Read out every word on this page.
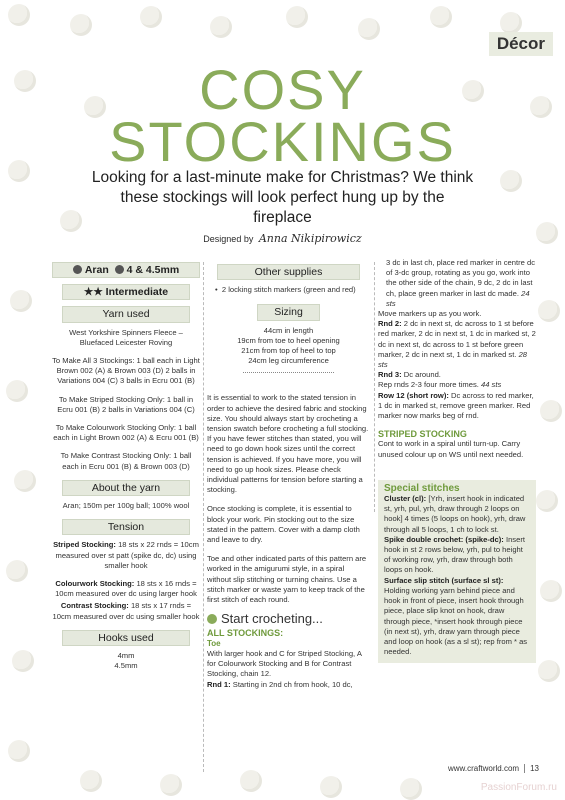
Décor
COSY
STOCKINGS
Looking for a last-minute make for Christmas? We think these stockings will look perfect hung up by the fireplace
Designed by Anna Nikipirowicz
Aran 4 & 4.5mm
★★ Intermediate
Yarn used

West Yorkshire Spinners Fleece – Bluefaced Leicester Roving

To Make All 3 Stockings: 1 ball each in Light Brown 002 (A) & Brown 003 (D) 2 balls in Variations 004 (C) 3 balls in Ecru 001 (B)

To Make Striped Stocking Only: 1 ball in Ecru 001 (B) 2 balls in Variations 004 (C)

To Make Colourwork Stocking Only: 1 ball each in Light Brown 002 (A) & Ecru 001 (B)

To Make Contrast Stocking Only: 1 ball each in Ecru 001 (B) & Brown 003 (D)

About the yarn

Aran; 150m per 100g ball; 100% wool

Tension

Striped Stocking: 18 sts x 22 rnds = 10cm measured over st patt (spike dc, dc) using smaller hook

Colourwork Stocking: 18 sts x 16 rnds = 10cm measured over dc using larger hook

Contrast Stocking: 18 sts x 17 rnds = 10cm measured over dc using smaller hook

Hooks used
4mm
4.5mm
Other supplies

•  2 locking stitch markers (green and red)

Sizing
44cm in length
19cm from toe to heel opening
21cm from top of heel to top
24cm leg circumference

It is essential to work to the stated tension in order to achieve the desired fabric and stocking size. You should always start by crocheting a tension swatch before crocheting a full stocking.

If you have fewer stitches than stated, you will need to go down hook sizes until the correct tension is achieved. If you have more, you will need to go up hook sizes. Please check individual patterns for tension before starting a stocking.

Once stocking is complete, it is essential to block your work. Pin stocking out to the size stated in the pattern. Cover with a damp cloth and leave to dry.

Toe and other indicated parts of this pattern are worked in the amigurumi style, in a spiral without slip stitching or turning chains. Use a stitch marker or waste yarn to keep track of the first stitch of each round.

Start crocheting...
ALL STOCKINGS:
Toe
With larger hook and C for Striped Stocking, A for Colourwork Stocking and B for Contrast Stocking, chain 12.
Rnd 1: Starting in 2nd ch from hook, 10 dc,
3 dc in last ch, place red marker in centre dc of 3-dc group, rotating as you go, work into the other side of the chain, 9 dc, 2 dc in last ch, place green marker in last dc made. 24 sts
Move markers up as you work.
Rnd 2: 2 dc in next st, dc across to 1 st before red marker, 2 dc in next st, 1 dc in marked st, 2 dc in next st, dc across to 1 st before green marker, 2 dc in next st, 1 dc in marked st. 28 sts
Rnd 3: Dc around.
Rep rnds 2-3 four more times. 44 sts
Row 12 (short row): Dc across to red marker, 1 dc in marked st, remove green marker. Red marker now marks beg of rnd.
STRIPED STOCKING
Cont to work in a spiral until turn-up. Carry unused colour up on WS until next needed.
Special stitches
Cluster (cl): [Yrh, insert hook in indicated st, yrh, pul, yrh, draw through 2 loops on hook] 4 times (5 loops on hook), yrh, draw through all 5 loops, 1 ch to lock st.
Spike double crochet: (spike-dc): Insert hook in st 2 rows below, yrh, pul to height of working row, yrh, draw through both loops on hook.
Surface slip stitch (surface sl st): Holding working yarn behind piece and hook in front of piece, insert hook through piece, place slip knot on hook, draw through piece, *insert hook through piece (in next st), yrh, draw yarn through piece and loop on hook (as a sl st); rep from * as needed.
www.craftworld.com 13
PassionForum.ru
